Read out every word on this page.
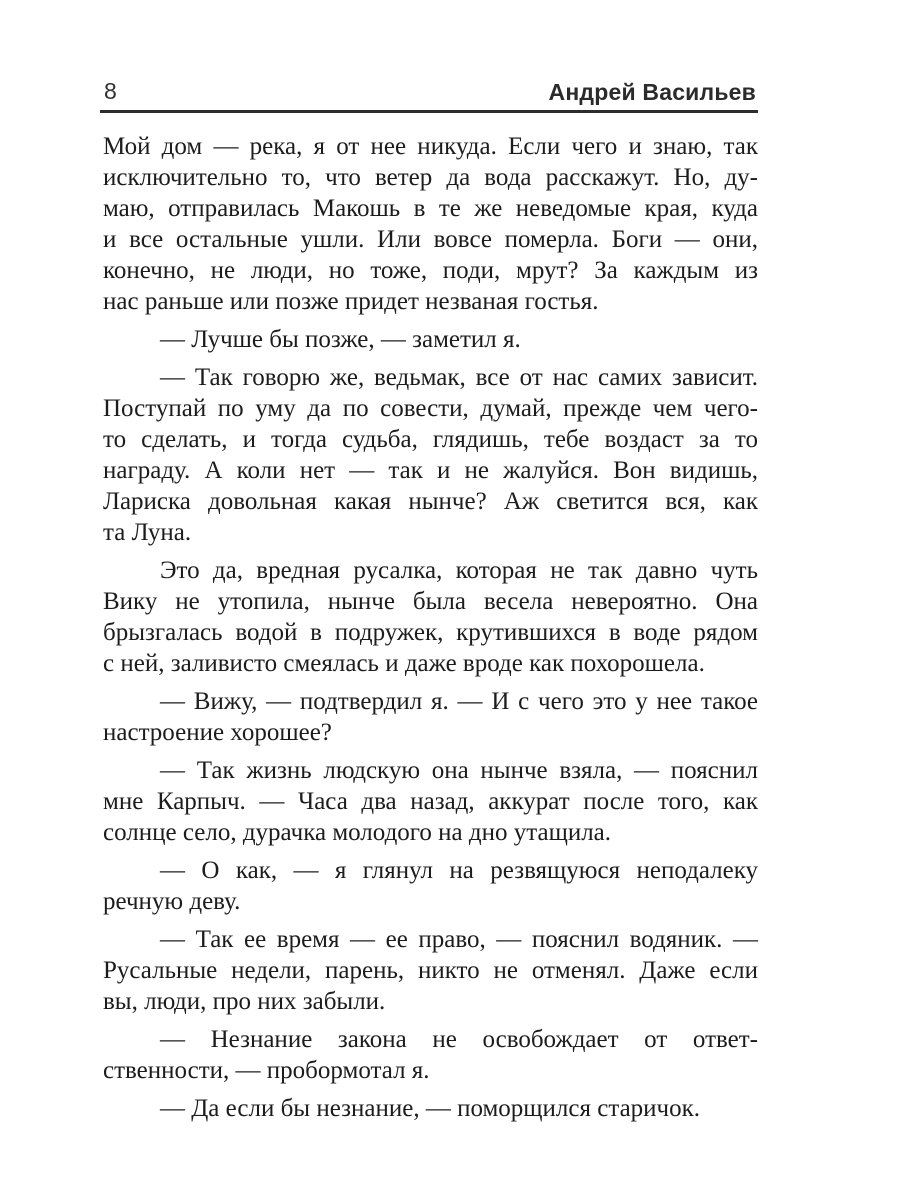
8	Андрей Васильев
Мой дом — река, я от нее никуда. Если чего и знаю, так
исключительно то, что ветер да вода расскажут. Но, ду-
маю, отправилась Макошь в те же неведомые края, куда
и все остальные ушли. Или вовсе померла. Боги — они,
конечно, не люди, но тоже, поди, мрут? За каждым из
нас раньше или позже придет незваная гостья.
— Лучше бы позже, — заметил я.
— Так говорю же, ведьмак, все от нас самих зависит.
Поступай по уму да по совести, думай, прежде чем чего-
то сделать, и тогда судьба, глядишь, тебе воздаст за то
награду. А коли нет — так и не жалуйся. Вон видишь,
Лариска довольная какая нынче? Аж светится вся, как
та Луна.
Это да, вредная русалка, которая не так давно чуть
Вику не утопила, нынче была весела невероятно. Она
брызгалась водой в подружек, крутившихся в воде рядом
с ней, заливисто смеялась и даже вроде как похорошела.
— Вижу, — подтвердил я. — И с чего это у нее такое
настроение хорошее?
— Так жизнь людскую она нынче взяла, — пояснил
мне Карпыч. — Часа два назад, аккурат после того, как
солнце село, дурачка молодого на дно утащила.
— О как, — я глянул на резвящуюся неподалеку
речную деву.
— Так ее время — ее право, — пояснил водяник. —
Русальные недели, парень, никто не отменял. Даже если
вы, люди, про них забыли.
— Незнание закона не освобождает от ответ-
ственности, — пробормотал я.
— Да если бы незнание, — поморщился старичок.
